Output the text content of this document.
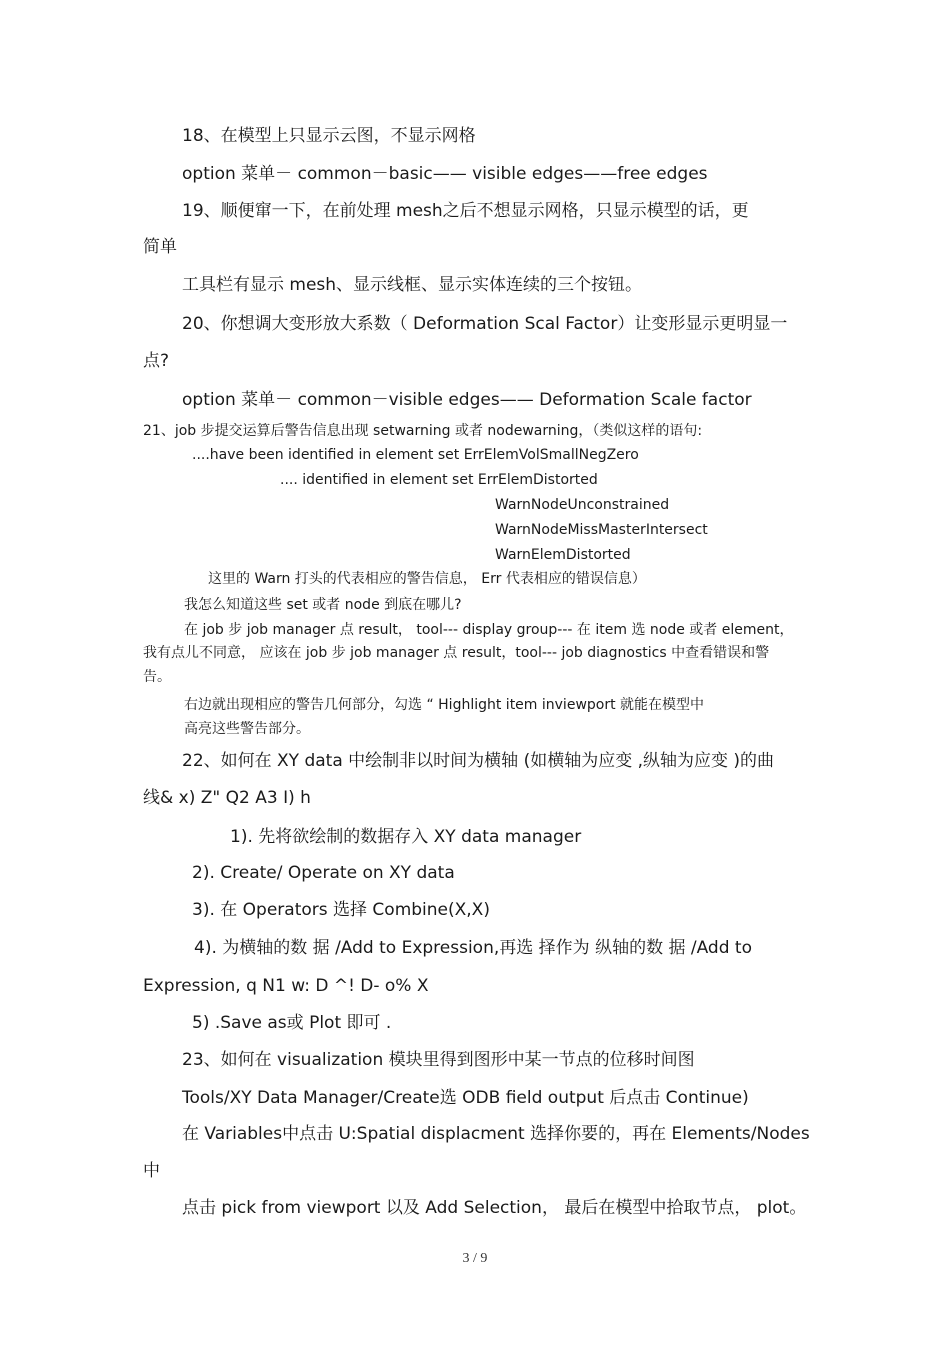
18、在模型上只显示云图，不显示网格

option 菜单－ common－basic—— visible edges——free edges

19、顺便窜一下，在前处理 mesh之后不想显示网格，只显示模型的话，更

简单

工具栏有显示 mesh、显示线框、显示实体连续的三个按钮。

20、你想调大变形放大系数（ Deformation Scal Factor）让变形显示更明显一

点?

option 菜单－ common－visible edges—— Deformation Scale factor

21、job 步提交运算后警告信息出现 setwarning 或者 nodewarning，（类似这样的语句:

....have been identified in element set ErrElemVolSmallNegZero

.... identified in element set ErrElemDistorted

WarnNodeUnconstrained

WarnNodeMissMasterIntersect

WarnElemDistorted

这里的 Warn 打头的代表相应的警告信息， Err 代表相应的错误信息）

我怎么知道这些 set 或者 node 到底在哪儿?

在 job 步 job manager 点 result， tool--- display group--- 在 item 选 node 或者 element，

我有点儿不同意， 应该在 job 步 job manager 点 result，tool--- job diagnostics 中查看错误和警

告。

右边就出现相应的警告几何部分，勾选 “ Highlight item inviewport 就能在模型中

高亮这些警告部分。

22、如何在 XY data 中绘制非以时间为横轴 (如横轴为应变 ,纵轴为应变 )的曲

线& x) Z" Q2 A3 I) h

1). 先将欲绘制的数据存入 XY data manager

2). Create/ Operate on XY data

3). 在 Operators 选择 Combine(X,X)

4). 为横轴的数 据 /Add to Expression,再选 择作为 纵轴的数 据 /Add to

Expression, q N1 w: D ^! D- o% X

5) .Save as或 Plot 即可 .

23、如何在 visualization 模块里得到图形中某一节点的位移时间图

Tools/XY Data Manager/Create选 ODB field output 后点击 Continue)

在 Variables中点击 U:Spatial displacment 选择你要的，再在 Elements/Nodes

中

点击 pick from viewport 以及 Add Selection， 最后在模型中拾取节点， plot。

3 / 9
